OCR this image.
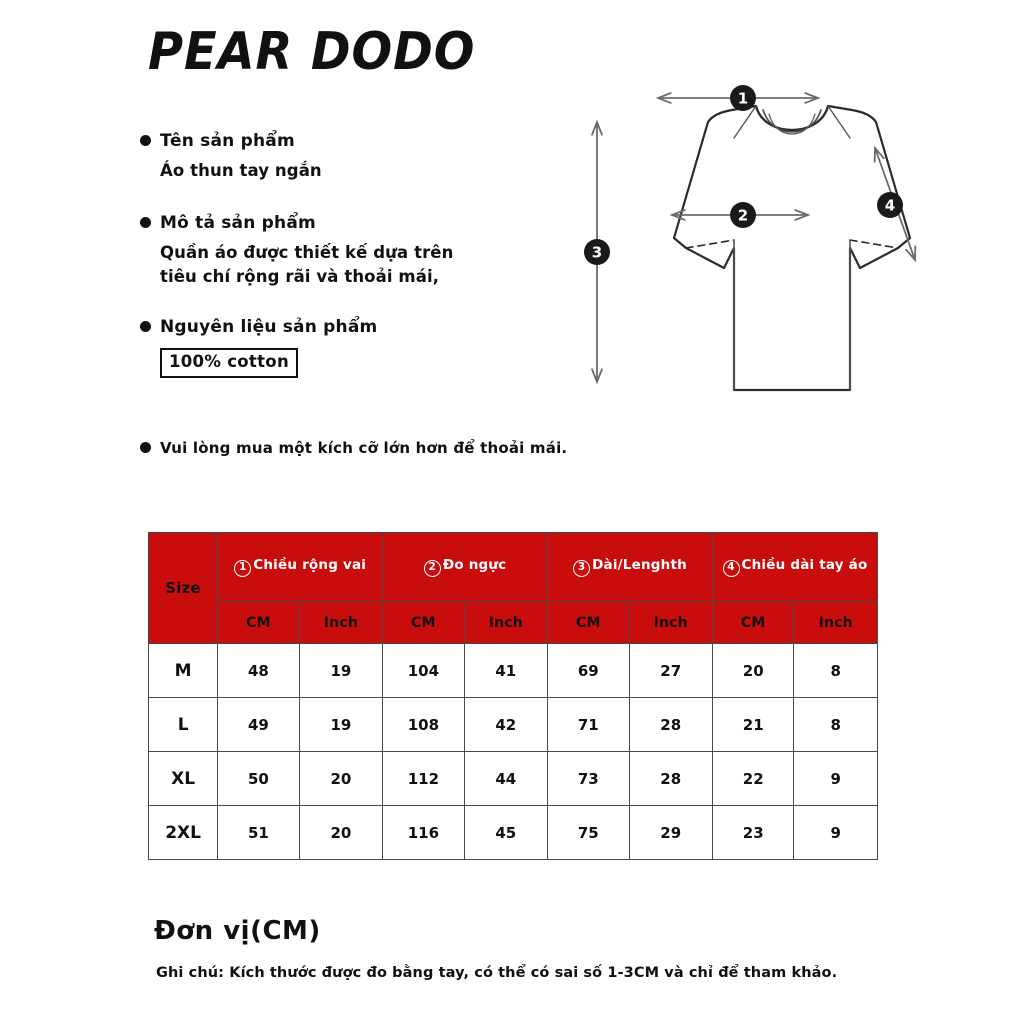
PEAR DODO
Tên sản phẩm
Áo thun tay ngắn
Mô tả sản phẩm
Quần áo được thiết kế dựa trên
tiêu chí rộng rãi và thoải mái,
Nguyên liệu sản phẩm
100% cotton
Vui lòng mua một kích cỡ lớn hơn để thoải mái.
1
2
3
4
Size	1 Chiều rộng vai		2 Đo ngực		3 Dài/Lenghth		4 Chiều dài tay áo	
	CM	Inch	CM	Inch	CM	Inch	CM	Inch
M	48	19	104	41	69	27	20	8
L	49	19	108	42	71	28	21	8
XL	50	20	112	44	73	28	22	9
2XL	51	20	116	45	75	29	23	9
Đơn vị(CM)
Ghi chú: Kích thước được đo bằng tay, có thể có sai số 1-3CM và chỉ để tham khảo.
